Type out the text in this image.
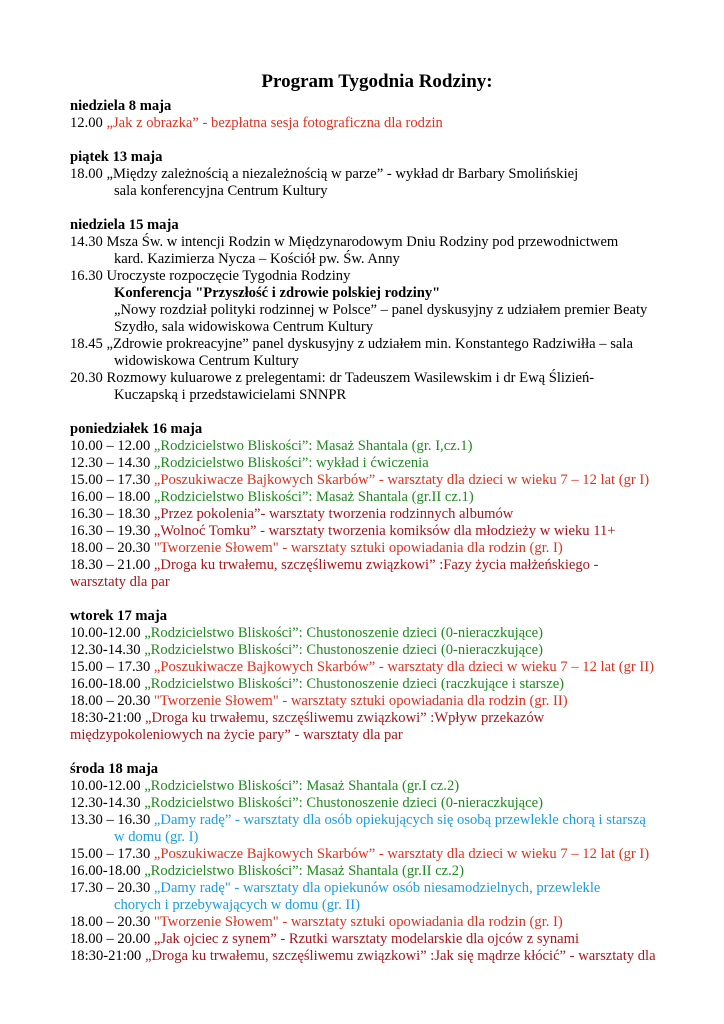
Program Tygodnia Rodziny:
niedziela 8 maja
12.00 „Jak z obrazka” - bezpłatna sesja fotograficzna dla rodzin
piątek 13 maja
18.00 „Między zależnością a niezależnością w parze” - wykład dr Barbary Smolińskiej
sala konferencyjna Centrum Kultury
niedziela 15 maja
14.30 Msza Św. w intencji Rodzin w Międzynarodowym Dniu Rodziny pod przewodnictwem
kard. Kazimierza Nycza – Kościół pw. Św. Anny
16.30 Uroczyste rozpoczęcie Tygodnia Rodziny
Konferencja "Przyszłość i zdrowie polskiej rodziny"
„Nowy rozdział polityki rodzinnej w Polsce” – panel dyskusyjny z udziałem premier Beaty
Szydło, sala widowiskowa Centrum Kultury
18.45 „Zdrowie prokreacyjne” panel dyskusyjny z udziałem min. Konstantego Radziwiłła – sala
widowiskowa Centrum Kultury
20.30 Rozmowy kuluarowe z prelegentami: dr Tadeuszem Wasilewskim i dr Ewą Ślizień-
Kuczapską i przedstawicielami SNNPR
poniedziałek 16 maja
10.00 – 12.00 „Rodzicielstwo Bliskości”: Masaż Shantala (gr. I,cz.1)
12.30 – 14.30 „Rodzicielstwo Bliskości”: wykład i ćwiczenia
15.00 – 17.30 „Poszukiwacze Bajkowych Skarbów” - warsztaty dla dzieci w wieku 7 – 12 lat (gr I)
16.00 – 18.00 „Rodzicielstwo Bliskości”: Masaż Shantala (gr.II cz.1)
16.30 – 18.30 „Przez pokolenia”- warsztaty tworzenia rodzinnych albumów
16.30 – 19.30 „Wolnoć Tomku” - warsztaty tworzenia komiksów dla młodzieży w wieku 11+
18.00 – 20.30 "Tworzenie Słowem" - warsztaty sztuki opowiadania dla rodzin (gr. I)
18.30 – 21.00 „Droga ku trwałemu, szczęśliwemu związkowi” :Fazy życia małżeńskiego -
warsztaty dla par
wtorek 17 maja
10.00-12.00 „Rodzicielstwo Bliskości”: Chustonoszenie dzieci (0-nieraczkujące)
12.30-14.30 „Rodzicielstwo Bliskości”: Chustonoszenie dzieci (0-nieraczkujące)
15.00 – 17.30 „Poszukiwacze Bajkowych Skarbów” - warsztaty dla dzieci w wieku 7 – 12 lat (gr II)
16.00-18.00 „Rodzicielstwo Bliskości”: Chustonoszenie dzieci (raczkujące i starsze)
18.00 – 20.30 "Tworzenie Słowem" - warsztaty sztuki opowiadania dla rodzin (gr. II)
18:30-21:00 „Droga ku trwałemu, szczęśliwemu związkowi” :Wpływ przekazów
międzypokoleniowych na życie pary” - warsztaty dla par
środa 18 maja
10.00-12.00 „Rodzicielstwo Bliskości”: Masaż Shantala (gr.I cz.2)
12.30-14.30 „Rodzicielstwo Bliskości”: Chustonoszenie dzieci (0-nieraczkujące)
13.30 – 16.30 „Damy radę” - warsztaty dla osób opiekujących się osobą przewlekle chorą i starszą
w domu (gr. I)
15.00 – 17.30 „Poszukiwacze Bajkowych Skarbów” - warsztaty dla dzieci w wieku 7 – 12 lat (gr I)
16.00-18.00 „Rodzicielstwo Bliskości”: Masaż Shantala (gr.II cz.2)
17.30 – 20.30 „Damy radę" - warsztaty dla opiekunów osób niesamodzielnych, przewlekle
chorych i przebywających w domu (gr. II)
18.00 – 20.30 "Tworzenie Słowem" - warsztaty sztuki opowiadania dla rodzin (gr. I)
18.00 – 20.00 „Jak ojciec z synem” - Rzutki warsztaty modelarskie dla ojców z synami
18:30-21:00 „Droga ku trwałemu, szczęśliwemu związkowi” :Jak się mądrze kłócić” - warsztaty dla
